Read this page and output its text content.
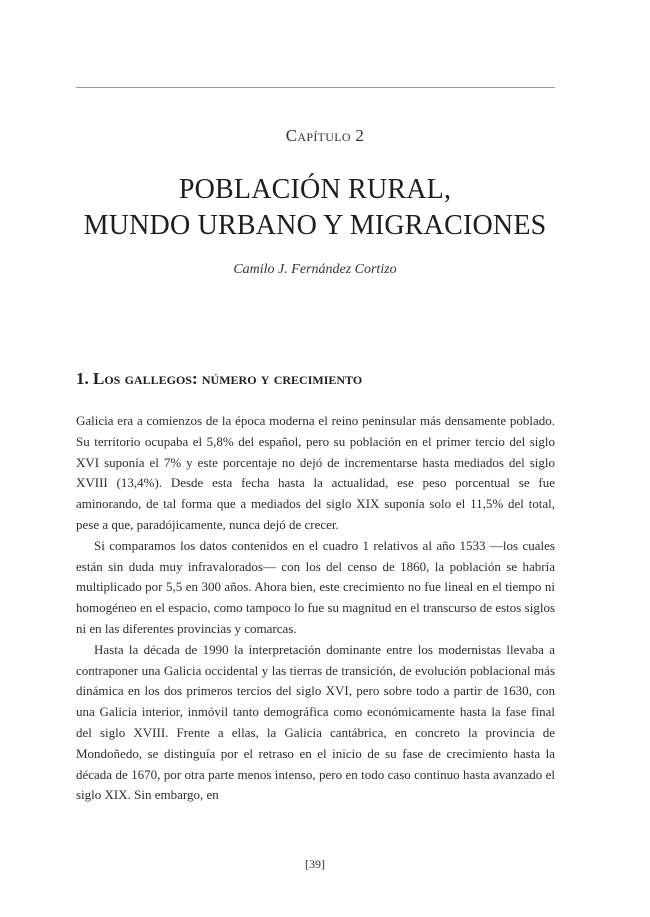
Capítulo 2
POBLACIÓN RURAL,
MUNDO URBANO Y MIGRACIONES
Camilo J. Fernández Cortizo
1. Los gallegos: número y crecimiento

Galicia era a comienzos de la época moderna el reino peninsular más densamente poblado. Su territorio ocupaba el 5,8% del español, pero su población en el primer tercio del siglo XVI suponía el 7% y este porcentaje no dejó de incrementarse hasta mediados del siglo XVIII (13,4%). Desde esta fecha hasta la actualidad, ese peso porcentual se fue aminorando, de tal forma que a mediados del siglo XIX suponía solo el 11,5% del total, pese a que, paradójicamente, nunca dejó de crecer.

Si comparamos los datos contenidos en el cuadro 1 relativos al año 1533 —los cuales están sin duda muy infravalorados— con los del censo de 1860, la población se habría multiplicado por 5,5 en 300 años. Ahora bien, este crecimiento no fue lineal en el tiempo ni homogéneo en el espacio, como tampoco lo fue su magnitud en el transcurso de estos siglos ni en las diferentes provincias y comarcas.

Hasta la década de 1990 la interpretación dominante entre los modernistas llevaba a contraponer una Galicia occidental y las tierras de transición, de evolución poblacional más dinámica en los dos primeros tercios del siglo XVI, pero sobre todo a partir de 1630, con una Galicia interior, inmóvil tanto demográfica como económicamente hasta la fase final del siglo XVIII. Frente a ellas, la Galicia cantábrica, en concreto la provincia de Mondoñedo, se distinguía por el retraso en el inicio de su fase de crecimiento hasta la década de 1670, por otra parte menos intenso, pero en todo caso continuo hasta avanzado el siglo XIX. Sin embargo, en

[39]
